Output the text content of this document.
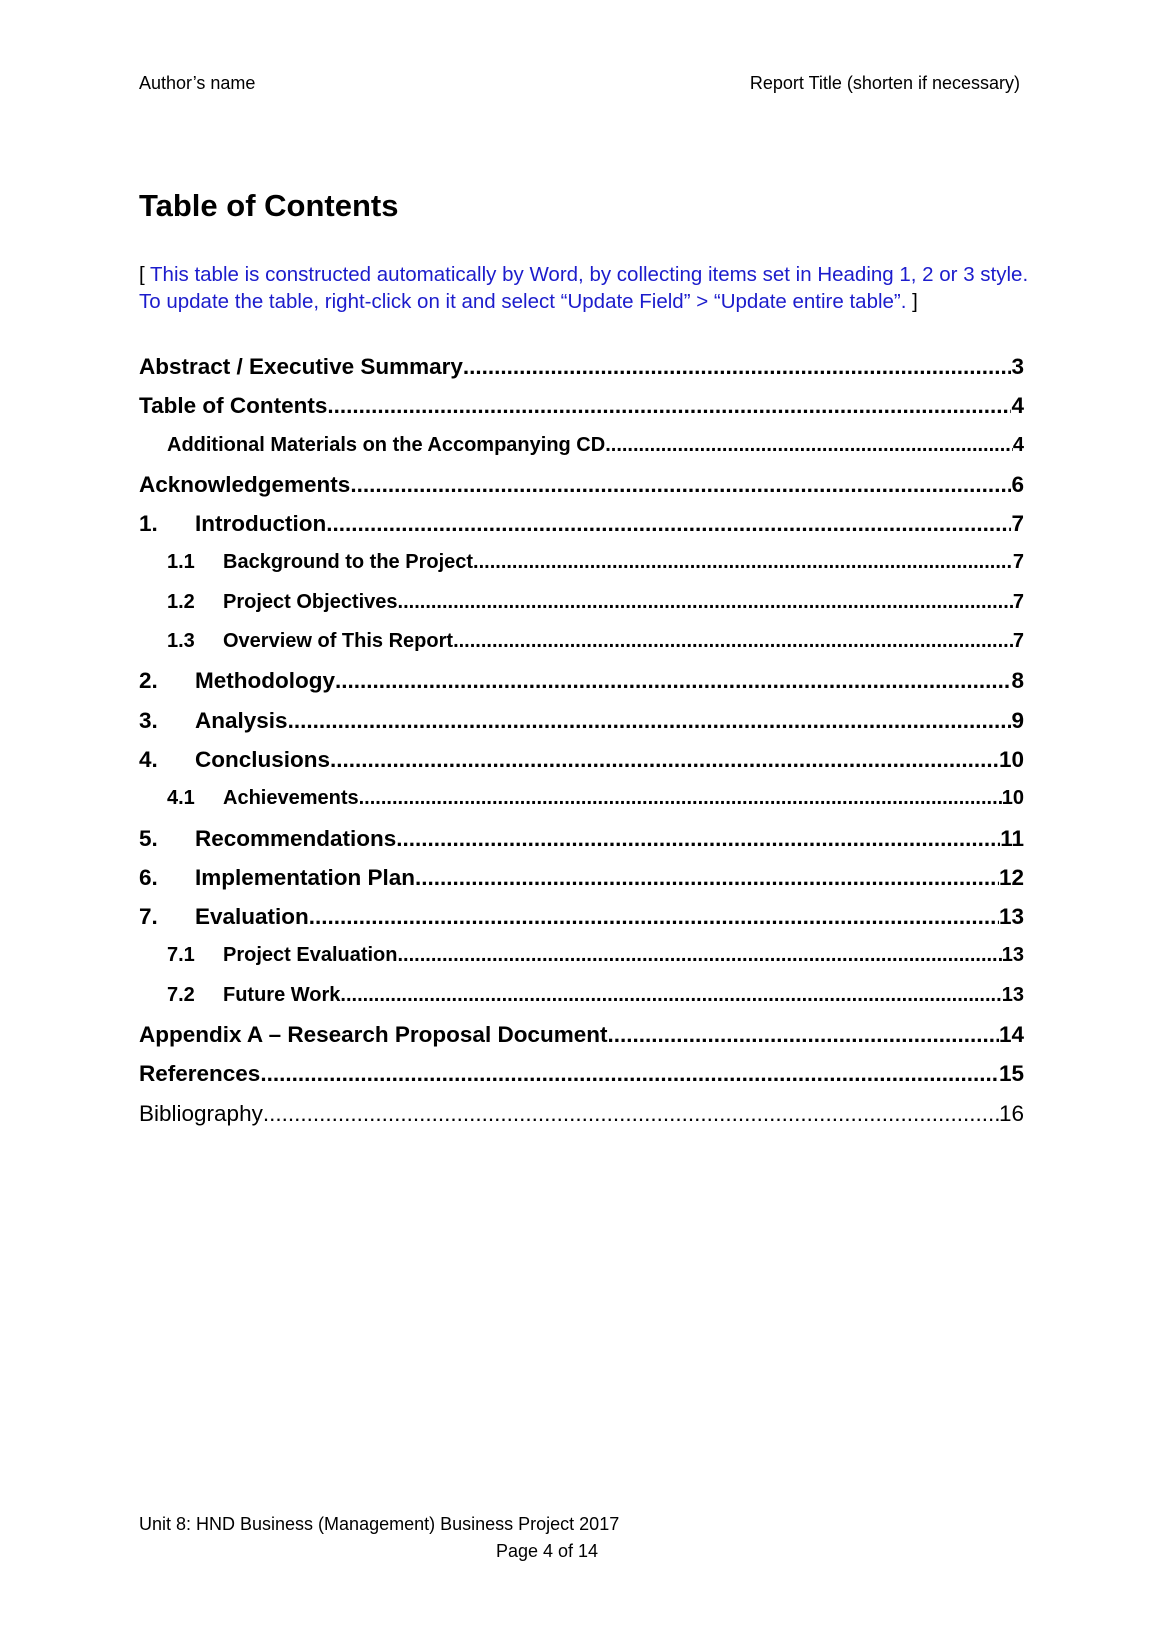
Author’s name	Report Title (shorten if necessary)
Table of Contents
[ This table is constructed automatically by Word, by collecting items set in Heading 1, 2 or 3 style. To update the table, right-click on it and select “Update Field” > “Update entire table”. ]
Abstract / Executive Summary .....	3
Table of Contents .....	4
Additional Materials on the Accompanying CD .....	4
Acknowledgements .....	6
1.	Introduction .....	7
1.1	Background to the Project .....	7
1.2	Project Objectives .....	7
1.3	Overview of This Report .....	7
2.	Methodology .....	8
3.	Analysis .....	9
4.	Conclusions .....	10
4.1	Achievements .....	10
5.	Recommendations .....	11
6.	Implementation Plan .....	12
7.	Evaluation .....	13
7.1	Project Evaluation .....	13
7.2	Future Work .....	13
Appendix A – Research Proposal Document .....	14
References .....	15
Bibliography .....	16
Unit 8: HND Business (Management) Business Project 2017
Page 4 of 14
